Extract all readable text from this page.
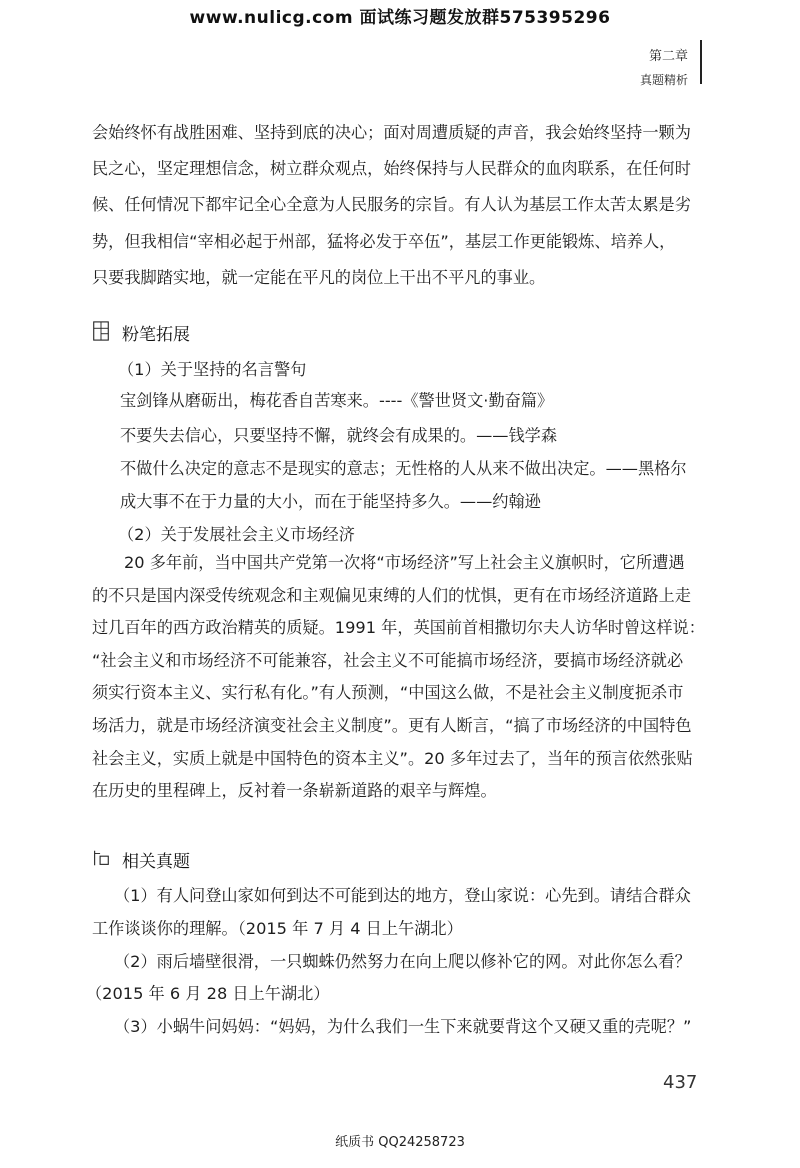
www.nulicg.com 面试练习题发放群575395296
第二章
真题精析
会始终怀有战胜困难、坚持到底的决心；面对周遭质疑的声音，我会始终坚持一颗为
民之心，坚定理想信念，树立群众观点，始终保持与人民群众的血肉联系，在任何时
候、任何情况下都牢记全心全意为人民服务的宗旨。有人认为基层工作太苦太累是劣
势，但我相信“宰相必起于州部，猛将必发于卒伍”，基层工作更能锻炼、培养人，
只要我脚踏实地，就一定能在平凡的岗位上干出不平凡的事业。
粉笔拓展
（1）关于坚持的名言警句
宝剑锋从磨砺出，梅花香自苦寒来。----《警世贤文·勤奋篇》
不要失去信心，只要坚持不懈，就终会有成果的。——钱学森
不做什么决定的意志不是现实的意志；无性格的人从来不做出决定。——黑格尔
成大事不在于力量的大小，而在于能坚持多久。——约翰逊
（2）关于发展社会主义市场经济
20 多年前，当中国共产党第一次将“市场经济”写上社会主义旗帜时，它所遭遇
的不只是国内深受传统观念和主观偏见束缚的人们的忧惧，更有在市场经济道路上走
过几百年的西方政治精英的质疑。1991 年，英国前首相撒切尔夫人访华时曾这样说：
“社会主义和市场经济不可能兼容，社会主义不可能搞市场经济，要搞市场经济就必
须实行资本主义、实行私有化。”有人预测，“中国这么做，不是社会主义制度扼杀市
场活力，就是市场经济演变社会主义制度”。更有人断言，“搞了市场经济的中国特色
社会主义，实质上就是中国特色的资本主义”。20 多年过去了，当年的预言依然张贴
在历史的里程碑上，反衬着一条崭新道路的艰辛与辉煌。
相关真题
（1）有人问登山家如何到达不可能到达的地方，登山家说：心先到。请结合群众
工作谈谈你的理解。（2015 年 7 月 4 日上午湖北）
（2）雨后墙壁很滑，一只蜘蛛仍然努力在向上爬以修补它的网。对此你怎么看？
（2015 年 6 月 28 日上午湖北）
（3）小蜗牛问妈妈：“妈妈，为什么我们一生下来就要背这个又硬又重的壳呢？”
437
纸质书 QQ24258723
